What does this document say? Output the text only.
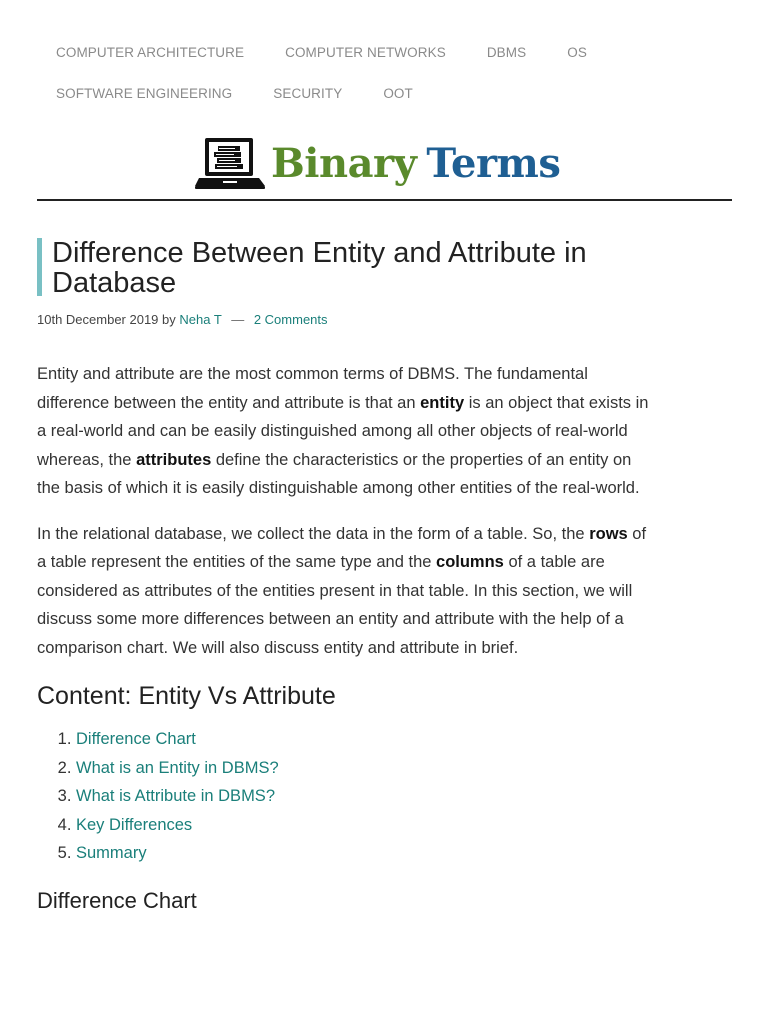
COMPUTER ARCHITECTURE	COMPUTER NETWORKS	DBMS	OS
SOFTWARE ENGINEERING	SECURITY	OOT
Binary Terms
Difference Between Entity and Attribute in Database
10th December 2019 by Neha T — 2 Comments

Entity and attribute are the most common terms of DBMS. The fundamental difference between the entity and attribute is that an entity is an object that exists in a real-world and can be easily distinguished among all other objects of real-world whereas, the attributes define the characteristics or the properties of an entity on the basis of which it is easily distinguishable among other entities of the real-world.

In the relational database, we collect the data in the form of a table. So, the rows of a table represent the entities of the same type and the columns of a table are considered as attributes of the entities present in that table. In this section, we will discuss some more differences between an entity and attribute with the help of a comparison chart. We will also discuss entity and attribute in brief.

Content: Entity Vs Attribute
1. Difference Chart
2. What is an Entity in DBMS?
3. What is Attribute in DBMS?
4. Key Differences
5. Summary
Difference Chart
